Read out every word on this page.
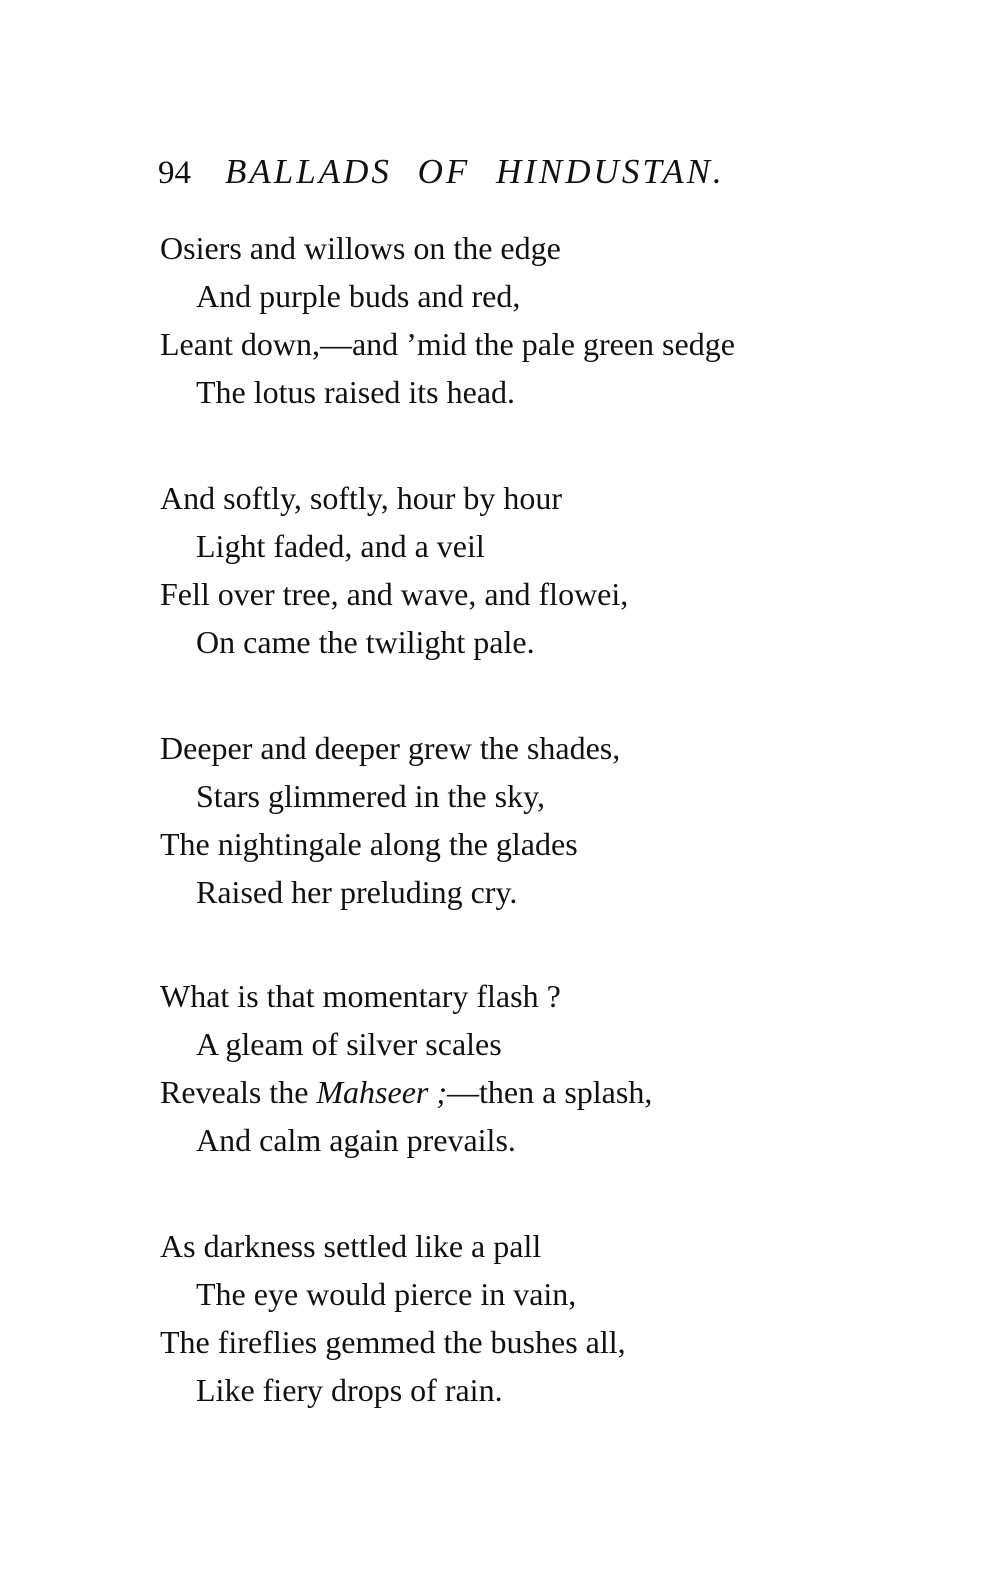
94 BALLADS OF HINDUSTAN.
Osiers and willows on the edge
And purple buds and red,
Leant down,—and ’mid the pale green sedge
The lotus raised its head.
And softly, softly, hour by hour
Light faded, and a veil
Fell over tree, and wave, and flowei,
On came the twilight pale.
Deeper and deeper grew the shades,
Stars glimmered in the sky,
The nightingale along the glades
Raised her preluding cry.
What is that momentary flash ?
A gleam of silver scales
Reveals the Mahseer ;—then a splash,
And calm again prevails.
As darkness settled like a pall
The eye would pierce in vain,
The fireflies gemmed the bushes all,
Like fiery drops of rain.
